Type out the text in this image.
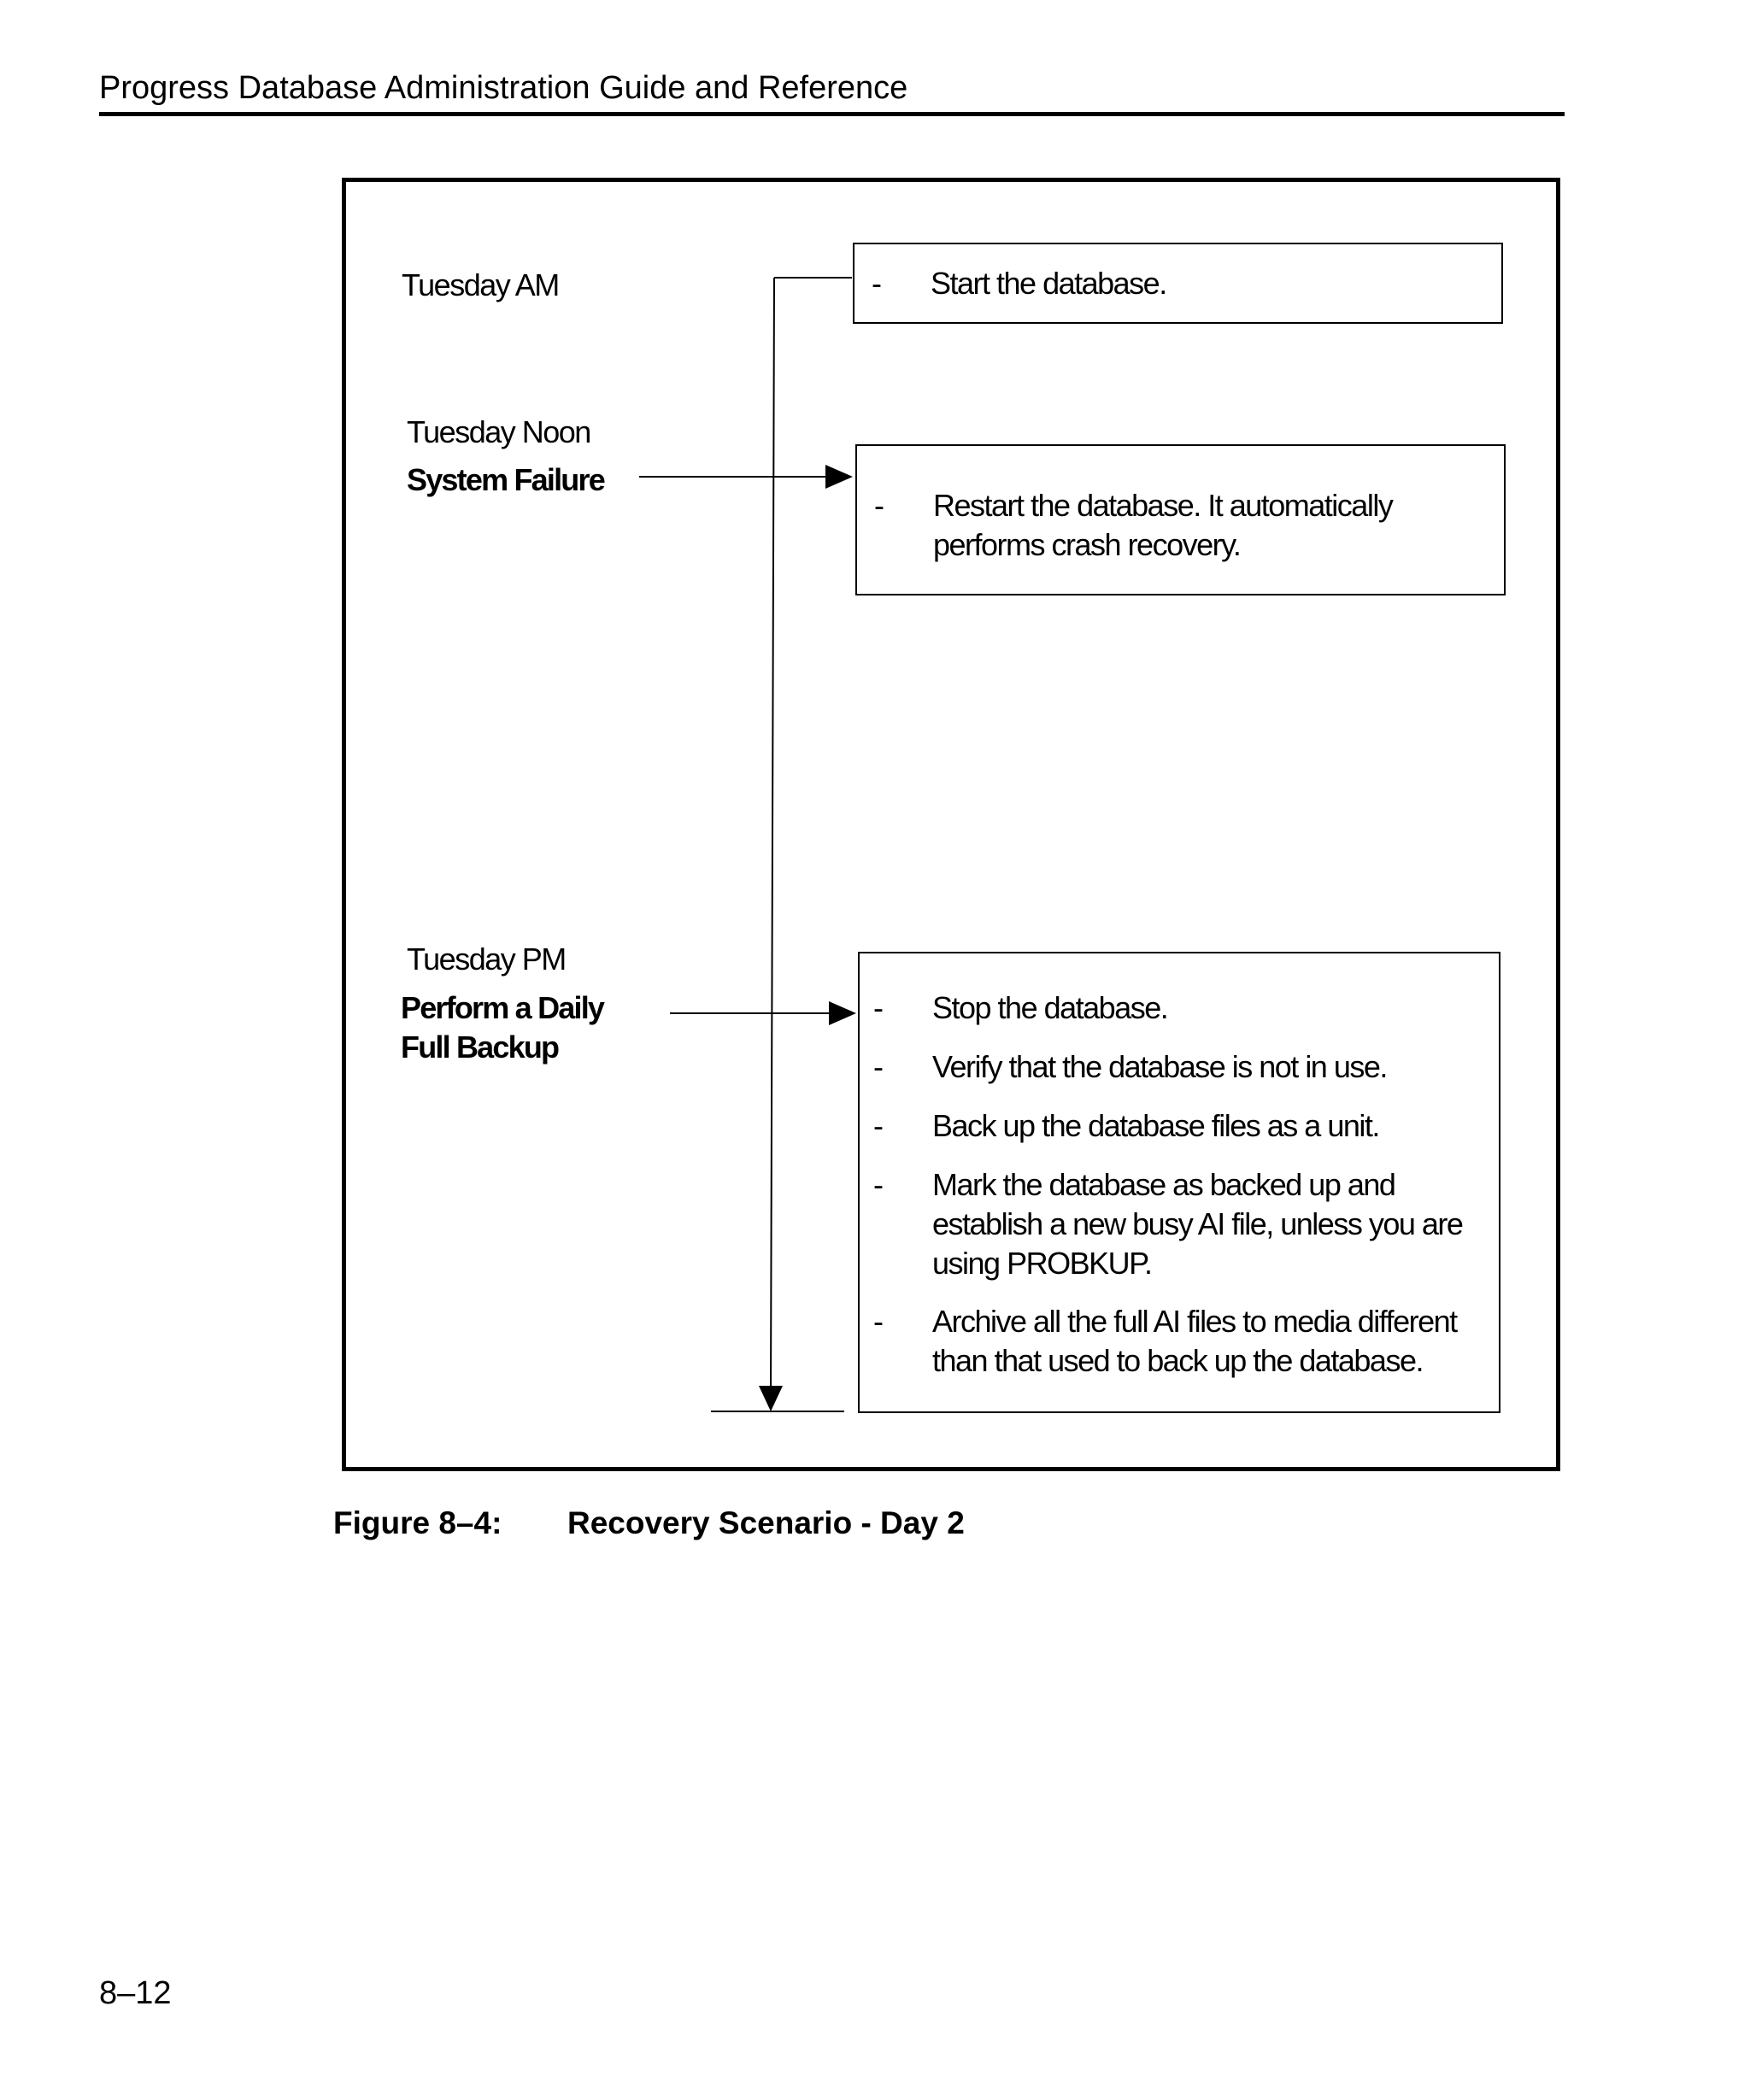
Progress Database Administration Guide and Reference
Tuesday AM	- Start the database.
Tuesday Noon
System Failure
- Restart the database. It automatically performs crash recovery.
Tuesday PM
Perform a Daily Full Backup
- Stop the database.
- Verify that the database is not in use.
- Back up the database files as a unit.
- Mark the database as backed up and establish a new busy AI file, unless you are using PROBKUP.
- Archive all the full AI files to media different than that used to back up the database.
Figure 8–4: Recovery Scenario - Day 2
8–12
